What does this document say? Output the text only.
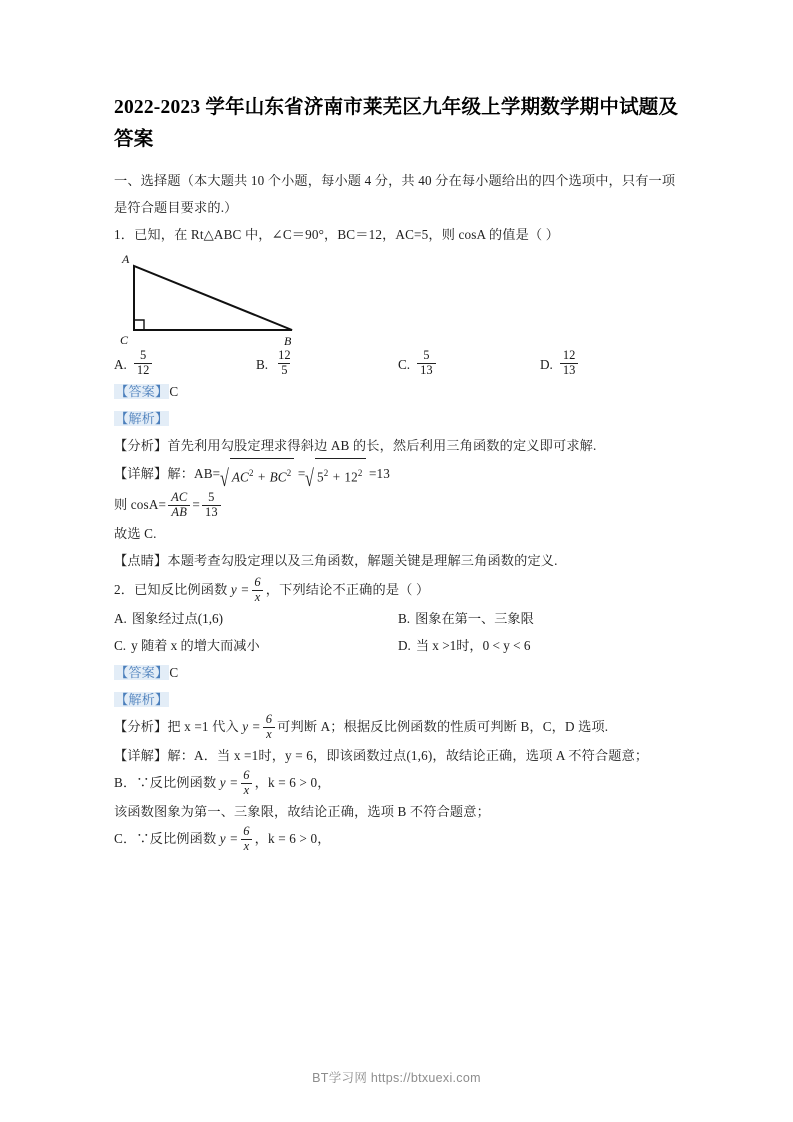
2022-2023 学年山东省济南市莱芜区九年级上学期数学期中试题及答案

一、选择题（本大题共 10 个小题，每小题 4 分，共 40 分在每小题给出的四个选项中，只有一项是符合题目要求的.）

1．已知，在 Rt△ABC 中，∠C＝90°，BC＝12，AC=5，则 cosA 的值是（ ）

A
C	B
A. $\frac{5}{12}$	B. $\frac{12}{5}$	C. $\frac{5}{13}$	D. $\frac{12}{13}$

【答案】C

【解析】

【分析】首先利用勾股定理求得斜边 AB 的长，然后利用三角函数的定义即可求解.

【详解】解：AB= √ $AC^2 + BC^2$ = √ $5^2 + 12^2 =13$

则 $\cos A= \frac{AC}{AB} = \frac{5}{13}$

故选 C.

【点睛】本题考查勾股定理以及三角函数，解题关键是理解三角函数的定义.

2．已知反比例函数 $y = \frac{6}{x}$ ，下列结论不正确的是（ ）

A. 图象经过点(1,6)	B. 图象在第一、三象限
C. y 随着 x 的增大而减小	D. 当 x >1时，0 < y < 6

【答案】C

【解析】

【分析】把 x =1 代入 $y = \frac{6}{x}$ 可判断 A；根据反比例函数的性质可判断 B，C，D 选项.

【详解】解：A．当 x =1时，y = 6，即该函数过点(1,6)，故结论正确，选项 A 不符合题意；

B．∵反比例函数 $y = \frac{6}{x}$ ，k = 6 > 0，

该函数图象为第一、三象限，故结论正确，选项 B 不符合题意；

C．∵反比例函数 $y = \frac{6}{x}$ ，k = 6 > 0，

BT学习网 https://btxuexi.com
